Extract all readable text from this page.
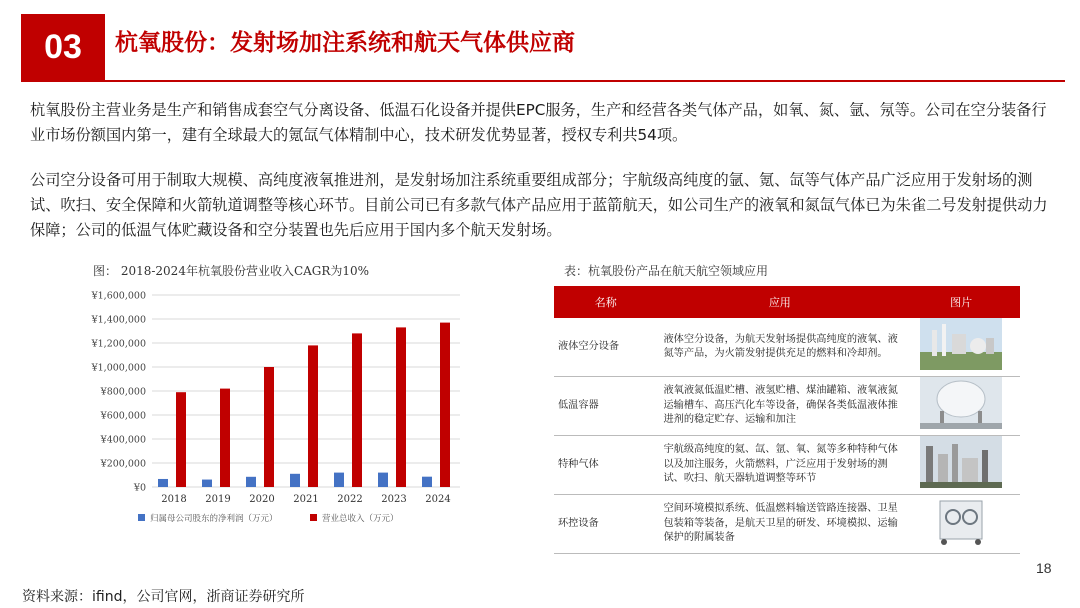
03	杭氧股份：发射场加注系统和航天气体供应商
杭氧股份主营业务是生产和销售成套空气分离设备、低温石化设备并提供EPC服务，生产和经营各类气体产品，如氧、氮、氩、氖等。公司在空分装备行业市场份额国内第一，建有全球最大的氪氙气体精制中心，技术研发优势显著，授权专利共54项。
公司空分设备可用于制取大规模、高纯度液氧推进剂，是发射场加注系统重要组成部分；宇航级高纯度的氩、氪、氙等气体产品广泛应用于发射场的测试、吹扫、安全保障和火箭轨道调整等核心环节。目前公司已有多款气体产品应用于蓝箭航天，如公司生产的液氧和氮氙气体已为朱雀二号发射提供动力保障；公司的低温气体贮藏设备和空分装置也先后应用于国内多个航天发射场。
图： 2018-2024年杭氧股份营业收入CAGR为10%
¥0
¥200,000
¥400,000
¥600,000
¥800,000
¥1,000,000
¥1,200,000
¥1,400,000
¥1,600,000
2018 2019 2020 2021 2022 2023 2024
归属母公司股东的净利润（万元）	营业总收入（万元）
表：杭氧股份产品在航天航空领域应用
名称	应用	图片
液体空分设备	液体空分设备，为航天发射场提供高纯度的液氧、液氮等产品，为火箭发射提供充足的燃料和冷却剂。	
低温容器	液氧液氮低温贮槽、液氢贮槽、煤油罐箱、液氧液氮运输槽车、高压汽化车等设备，确保各类低温液体推进剂的稳定贮存、运输和加注	
特种气体	宇航级高纯度的氦、氙、氩、氧、氮等多种特种气体以及加注服务，火箭燃料，广泛应用于发射场的测试、吹扫、航天器轨道调整等环节	
环控设备	空间环境模拟系统、低温燃料输送管路连接器、卫星包装箱等装备，是航天卫星的研发、环境模拟、运输保护的附属装备	
18
资料来源：ifind，公司官网，浙商证券研究所
